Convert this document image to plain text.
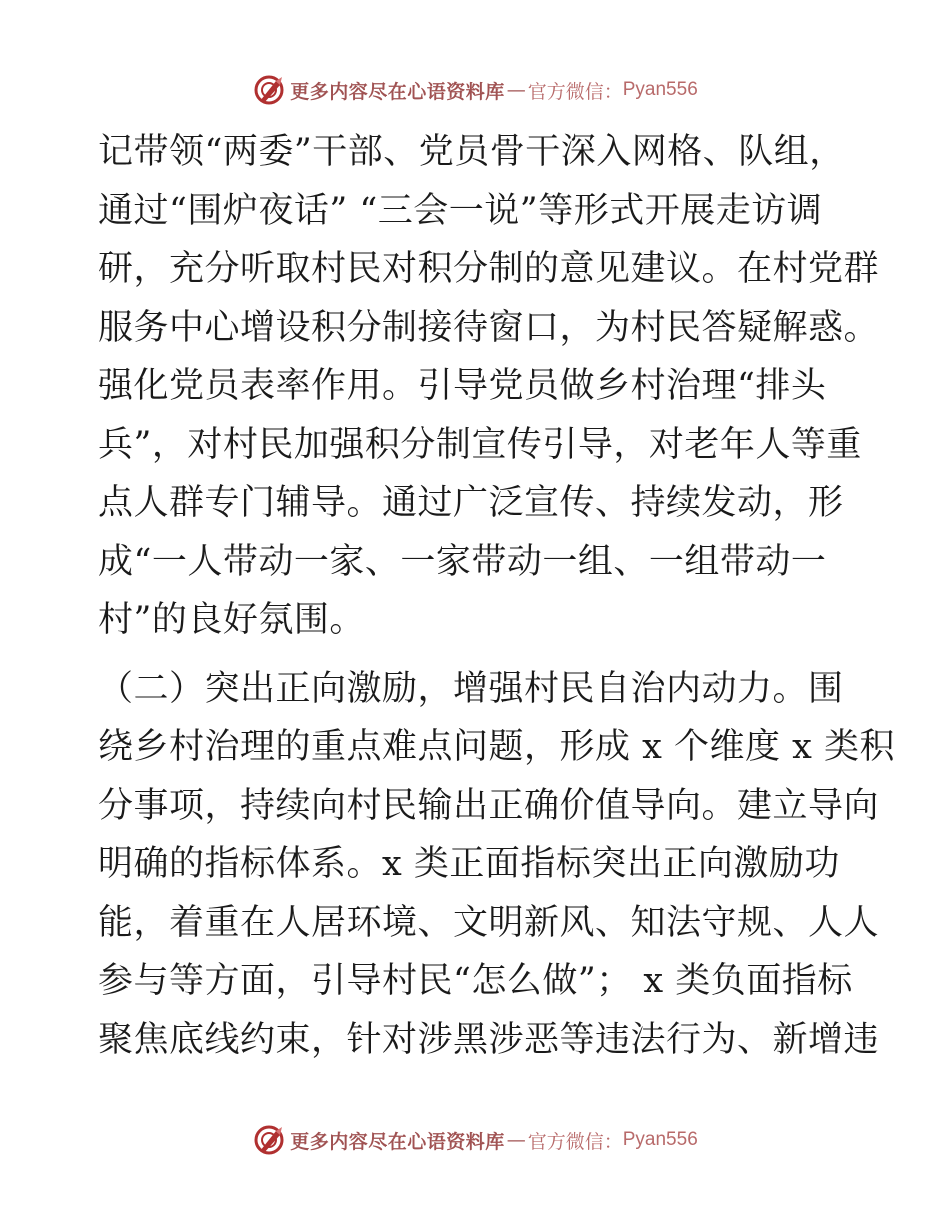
更多内容尽在心语资料库 — 官方微信： Pyan556
记带领“两委”干部、党员骨干深入网格、队组，
通过“围炉夜话” “三会一说”等形式开展走访调
研，充分听取村民对积分制的意见建议。在村党群
服务中心增设积分制接待窗口，为村民答疑解惑。
强化党员表率作用。引导党员做乡村治理“排头
兵”，对村民加强积分制宣传引导，对老年人等重
点人群专门辅导。通过广泛宣传、持续发动，形
成“一人带动一家、一家带动一组、一组带动一
村”的良好氛围。
（二）突出正向激励，增强村民自治内动力。围
绕乡村治理的重点难点问题，形成 x 个维度 x 类积
分事项，持续向村民输出正确价值导向。建立导向
明确的指标体系。x 类正面指标突出正向激励功
能，着重在人居环境、文明新风、知法守规、人人
参与等方面，引导村民“怎么做”； x 类负面指标
聚焦底线约束，针对涉黑涉恶等违法行为、新增违
更多内容尽在心语资料库 — 官方微信： Pyan556
